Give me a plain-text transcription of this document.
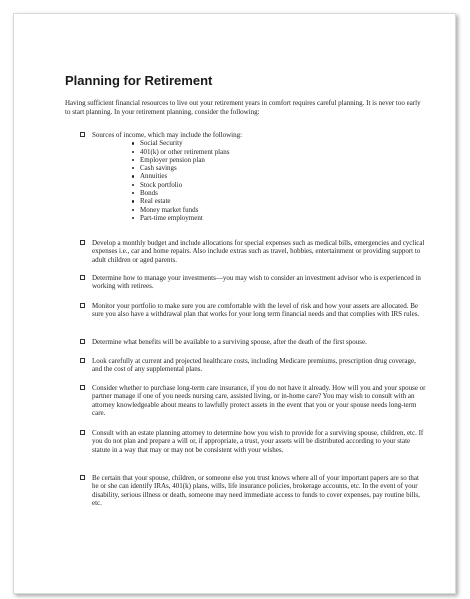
Planning for Retirement

Having sufficient financial resources to live out your retirement years in comfort requires careful planning. It is never too early to start planning. In your retirement planning, consider the following:

Sources of income, which may include the following:

Social Security
401(k) or other retirement plans
Employer pension plan
Cash savings
Annuities
Stock portfolio
Bonds
Real estate
Money market funds
Part-time employment

Develop a monthly budget and include allocations for special expenses such as medical bills, emergencies and cyclical expenses i.e., car and home repairs. Also include extras such as travel, hobbies, entertainment or providing support to adult children or aged parents.

Determine how to manage your investments—you may wish to consider an investment advisor who is experienced in working with retirees.

Monitor your portfolio to make sure you are comfortable with the level of risk and how your assets are allocated. Be sure you also have a withdrawal plan that works for your long term financial needs and that complies with IRS rules.

Determine what benefits will be available to a surviving spouse, after the death of the first spouse.

Look carefully at current and projected healthcare costs, including Medicare premiums, prescription drug coverage, and the cost of any supplemental plans.

Consider whether to purchase long-term care insurance, if you do not have it already. How will you and your spouse or partner manage if one of you needs nursing care, assisted living, or in-home care? You may wish to consult with an attorney knowledgeable about means to lawfully protect assets in the event that you or your spouse needs long-term care.

Consult with an estate planning attorney to determine how you wish to provide for a surviving spouse, children, etc. If you do not plan and prepare a will or, if appropriate, a trust, your assets will be distributed according to your state statute in a way that may or may not be consistent with your wishes.

Be certain that your spouse, children, or someone else you trust knows where all of your important papers are so that he or she can identify IRAs, 401(k) plans, wills, life insurance policies, brokerage accounts, etc. In the event of your disability, serious illness or death, someone may need immediate access to funds to cover expenses, pay routine bills, etc.
